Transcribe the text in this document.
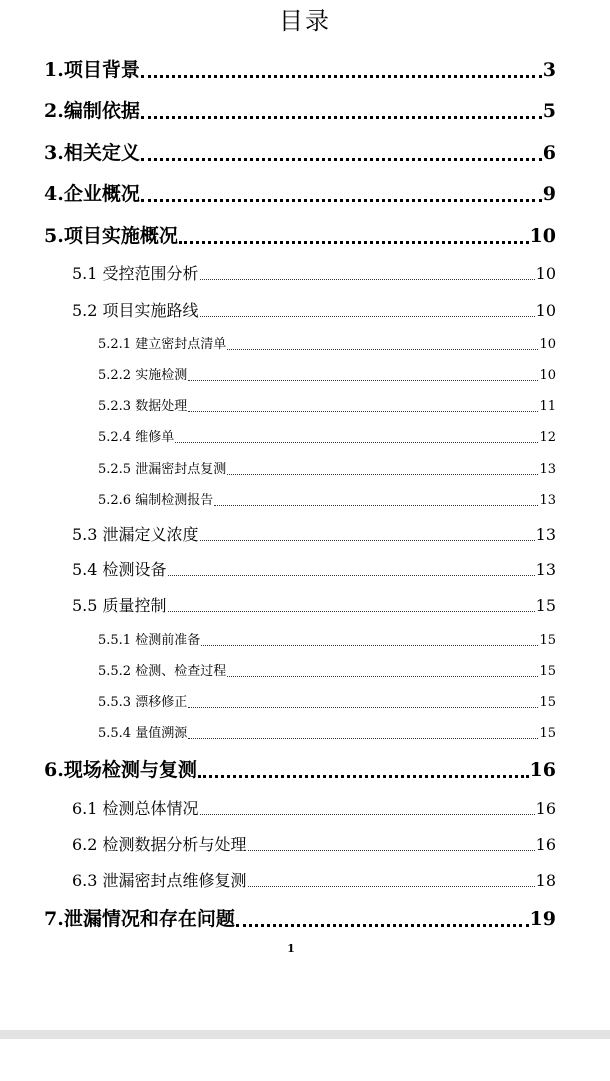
目录
1.项目背景	3
2.编制依据	5
3.相关定义	6
4.企业概况	9
5.项目实施概况	10
5.1 受控范围分析	10
5.2 项目实施路线	10
5.2.1 建立密封点清单	10
5.2.2 实施检测	10
5.2.3 数据处理	11
5.2.4 维修单	12
5.2.5 泄漏密封点复测	13
5.2.6 编制检测报告	13
5.3 泄漏定义浓度	13
5.4 检测设备	13
5.5 质量控制	15
5.5.1 检测前准备	15
5.5.2 检测、检查过程	15
5.5.3 漂移修正	15
5.5.4 量值溯源	15
6.现场检测与复测	16
6.1 检测总体情况	16
6.2 检测数据分析与处理	16
6.3 泄漏密封点维修复测	18
7.泄漏情况和存在问题	19
1
